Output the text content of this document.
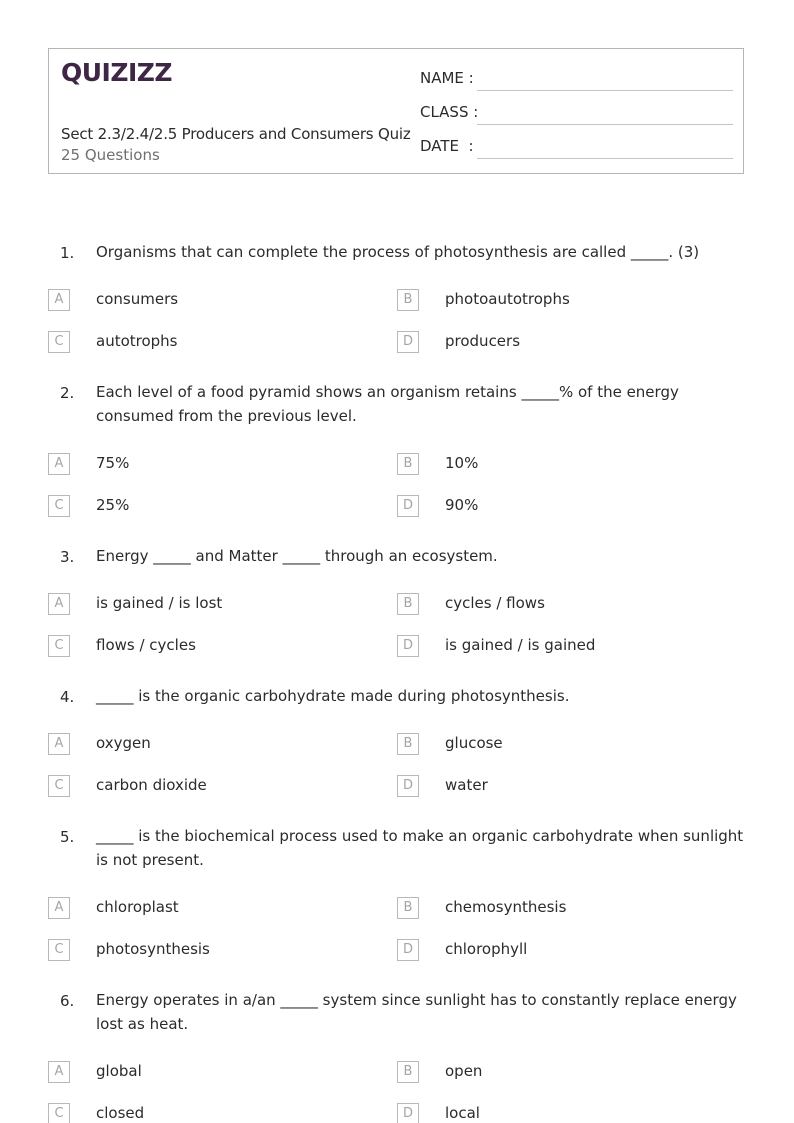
QUIZIZZ
Sect 2.3/2.4/2.5 Producers and Consumers Quiz
25 Questions
NAME :
CLASS :
DATE  :
1. Organisms that can complete the process of photosynthesis are called _____. (3)
A	consumers	B	photoautotrophs
C	autotrophs	D	producers
2. Each level of a food pyramid shows an organism retains _____% of the energy consumed from the previous level.
A	75%	B	10%
C	25%	D	90%
3. Energy _____ and Matter _____ through an ecosystem.
A	is gained / is lost	B	cycles / flows
C	flows / cycles	D	is gained / is gained
4. _____ is the organic carbohydrate made during photosynthesis.
A	oxygen	B	glucose
C	carbon dioxide	D	water
5. _____ is the biochemical process used to make an organic carbohydrate when sunlight is not present.
A	chloroplast	B	chemosynthesis
C	photosynthesis	D	chlorophyll
6. Energy operates in a/an _____ system since sunlight has to constantly replace energy lost as heat.
A	global	B	open
C	closed	D	local
